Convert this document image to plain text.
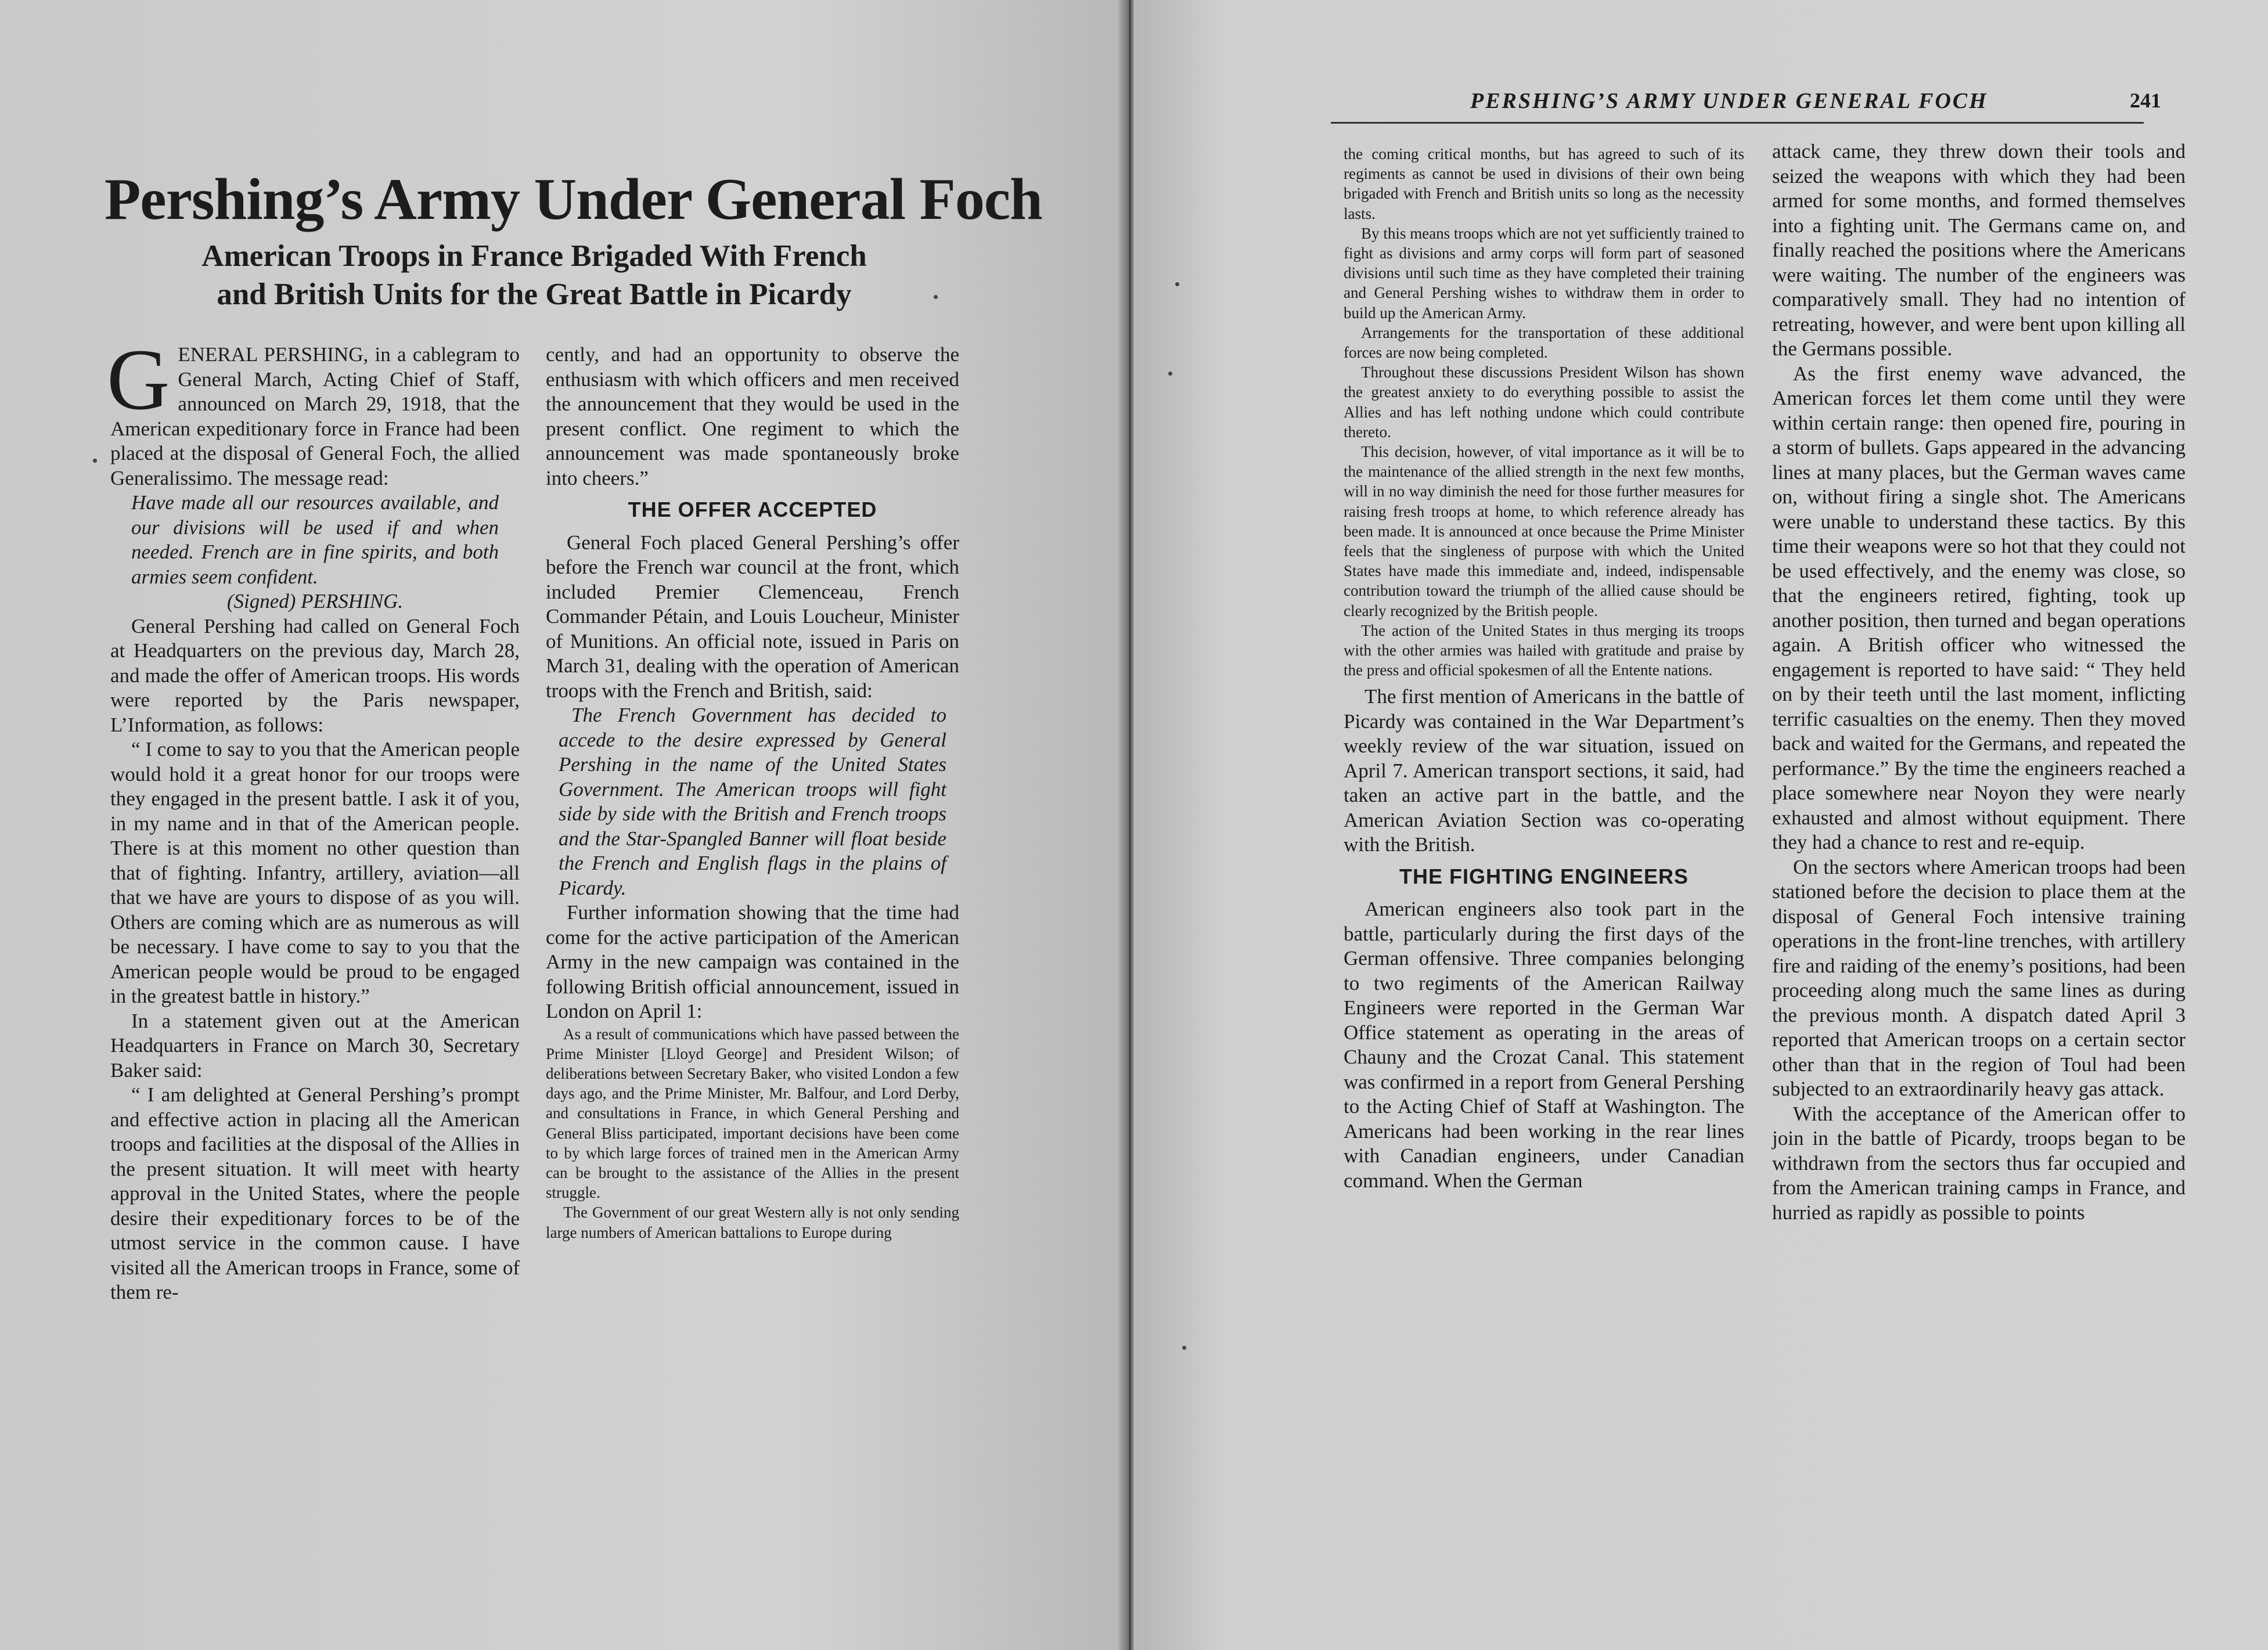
Pershing’s Army Under General Foch
American Troops in France Brigaded With French
and British Units for the Great Battle in Picardy

GENERAL PERSHING, in a cablegram to General March, Acting Chief of Staff, announced on March 29, 1918, that the American expeditionary force in France had been placed at the disposal of General Foch, the allied Generalissimo. The message read:

Have made all our resources available, and our divisions will be used if and when needed. French are in fine spirits, and both armies seem confident.

(Signed) PERSHING.

General Pershing had called on General Foch at Headquarters on the previous day, March 28, and made the offer of American troops. His words were reported by the Paris newspaper, L’Information, as follows:

“ I come to say to you that the American people would hold it a great honor for our troops were they engaged in the present battle. I ask it of you, in my name and in that of the American people. There is at this moment no other question than that of fighting. Infantry, artillery, aviation—all that we have are yours to dispose of as you will. Others are coming which are as numerous as will be necessary. I have come to say to you that the American people would be proud to be engaged in the greatest battle in history.”

In a statement given out at the American Headquarters in France on March 30, Secretary Baker said:

“ I am delighted at General Pershing’s prompt and effective action in placing all the American troops and facilities at the disposal of the Allies in the present situation. It will meet with hearty approval in the United States, where the people desire their expeditionary forces to be of the utmost service in the common cause. I have visited all the American troops in France, some of them re-

cently, and had an opportunity to observe the enthusiasm with which officers and men received the announcement that they would be used in the present conflict. One regiment to which the announcement was made spontaneously broke into cheers.”

THE OFFER ACCEPTED

General Foch placed General Pershing’s offer before the French war council at the front, which included Premier Clemenceau, French Commander Pétain, and Louis Loucheur, Minister of Munitions. An official note, issued in Paris on March 31, dealing with the operation of American troops with the French and British, said:

The French Government has decided to accede to the desire expressed by General Pershing in the name of the United States Government. The American troops will fight side by side with the British and French troops and the Star-Spangled Banner will float beside the French and English flags in the plains of Picardy.

Further information showing that the time had come for the active participation of the American Army in the new campaign was contained in the following British official announcement, issued in London on April 1:

As a result of communications which have passed between the Prime Minister [Lloyd George] and President Wilson; of deliberations between Secretary Baker, who visited London a few days ago, and the Prime Minister, Mr. Balfour, and Lord Derby, and consultations in France, in which General Pershing and General Bliss participated, important decisions have been come to by which large forces of trained men in the American Army can be brought to the assistance of the Allies in the present struggle.

The Government of our great Western ally is not only sending large numbers of American battalions to Europe during

PERSHING’S ARMY UNDER GENERAL FOCH	241

the coming critical months, but has agreed to such of its regiments as cannot be used in divisions of their own being brigaded with French and British units so long as the necessity lasts.

By this means troops which are not yet sufficiently trained to fight as divisions and army corps will form part of seasoned divisions until such time as they have completed their training and General Pershing wishes to withdraw them in order to build up the American Army.

Arrangements for the transportation of these additional forces are now being completed.

Throughout these discussions President Wilson has shown the greatest anxiety to do everything possible to assist the Allies and has left nothing undone which could contribute thereto.

This decision, however, of vital importance as it will be to the maintenance of the allied strength in the next few months, will in no way diminish the need for those further measures for raising fresh troops at home, to which reference already has been made. It is announced at once because the Prime Minister feels that the singleness of purpose with which the United States have made this immediate and, indeed, indispensable contribution toward the triumph of the allied cause should be clearly recognized by the British people.

The action of the United States in thus merging its troops with the other armies was hailed with gratitude and praise by the press and official spokesmen of all the Entente nations.

The first mention of Americans in the battle of Picardy was contained in the War Department’s weekly review of the war situation, issued on April 7. American transport sections, it said, had taken an active part in the battle, and the American Aviation Section was co-operating with the British.

THE FIGHTING ENGINEERS

American engineers also took part in the battle, particularly during the first days of the German offensive. Three companies belonging to two regiments of the American Railway Engineers were reported in the German War Office statement as operating in the areas of Chauny and the Crozat Canal. This statement was confirmed in a report from General Pershing to the Acting Chief of Staff at Washington. The Americans had been working in the rear lines with Canadian engineers, under Canadian command. When the German

attack came, they threw down their tools and seized the weapons with which they had been armed for some months, and formed themselves into a fighting unit. The Germans came on, and finally reached the positions where the Americans were waiting. The number of the engineers was comparatively small. They had no intention of retreating, however, and were bent upon killing all the Germans possible.

As the first enemy wave advanced, the American forces let them come until they were within certain range: then opened fire, pouring in a storm of bullets. Gaps appeared in the advancing lines at many places, but the German waves came on, without firing a single shot. The Americans were unable to understand these tactics. By this time their weapons were so hot that they could not be used effectively, and the enemy was close, so that the engineers retired, fighting, took up another position, then turned and began operations again. A British officer who witnessed the engagement is reported to have said: “ They held on by their teeth until the last moment, inflicting terrific casualties on the enemy. Then they moved back and waited for the Germans, and repeated the performance.” By the time the engineers reached a place somewhere near Noyon they were nearly exhausted and almost without equipment. There they had a chance to rest and re-equip.

On the sectors where American troops had been stationed before the decision to place them at the disposal of General Foch intensive training operations in the front-line trenches, with artillery fire and raiding of the enemy’s positions, had been proceeding along much the same lines as during the previous month. A dispatch dated April 3 reported that American troops on a certain sector other than that in the region of Toul had been subjected to an extraordinarily heavy gas attack.

With the acceptance of the American offer to join in the battle of Picardy, troops began to be withdrawn from the sectors thus far occupied and from the American training camps in France, and hurried as rapidly as possible to points
